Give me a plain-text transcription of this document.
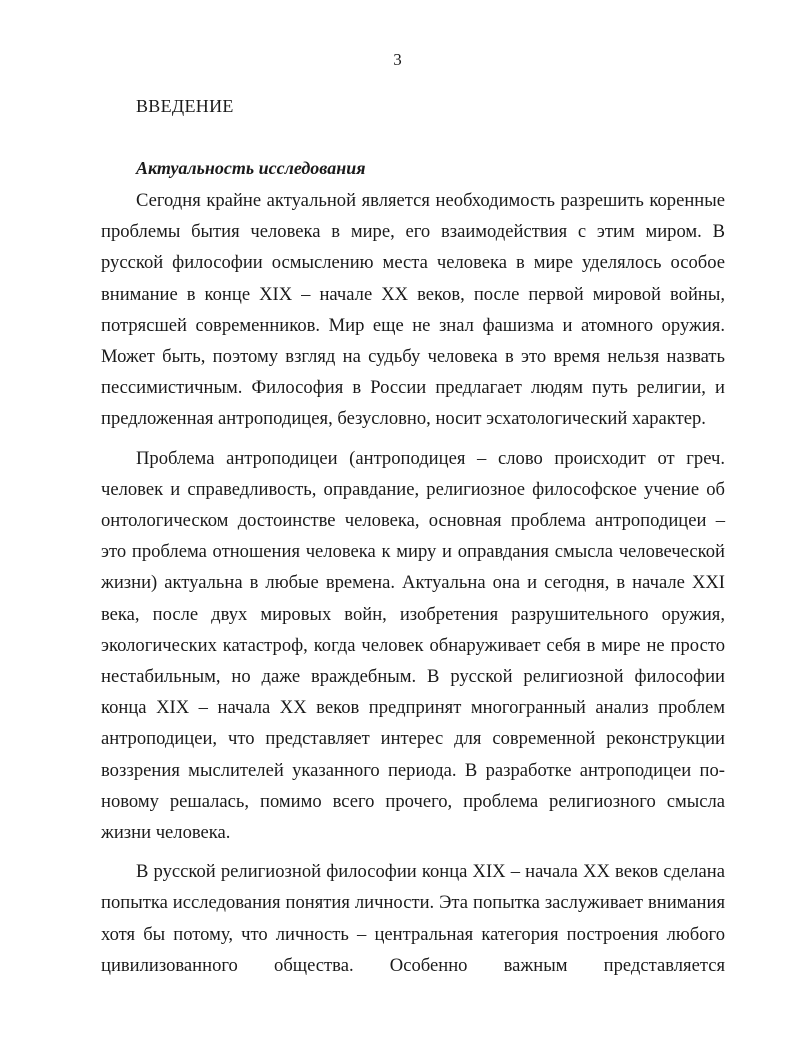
3
ВВЕДЕНИЕ
Актуальность исследования

Сегодня крайне актуальной является необходимость разрешить коренные проблемы бытия человека в мире, его взаимодействия с этим миром. В русской философии осмыслению места человека в мире уделялось особое внимание в конце XIX – начале XX веков, после первой мировой войны, потрясшей современников. Мир еще не знал фашизма и атомного оружия. Может быть, поэтому взгляд на судьбу человека в это время нельзя назвать пессимистичным. Философия в России предлагает людям путь религии, и предложенная антроподицея, безусловно, носит эсхатологический характер.

Проблема антроподицеи (антроподицея – слово происходит от греч. человек и справедливость, оправдание, религиозное философское учение об онтологическом достоинстве человека, основная проблема антроподицеи – это проблема отношения человека к миру и оправдания смысла человеческой жизни) актуальна в любые времена. Актуальна она и сегодня, в начале XXI века, после двух мировых войн, изобретения разрушительного оружия, экологических катастроф, когда человек обнаруживает себя в мире не просто нестабильным, но даже враждебным. В русской религиозной философии конца XIX – начала XX веков предпринят многогранный анализ проблем антроподицеи, что представляет интерес для современной реконструкции воззрения мыслителей указанного периода. В разработке антроподицеи по-новому решалась, помимо всего прочего, проблема религиозного смысла жизни человека.

В русской религиозной философии конца XIX – начала XX веков сделана попытка исследования понятия личности. Эта попытка заслуживает внимания хотя бы потому, что личность – центральная категория построения любого цивилизованного общества. Особенно важным представляется
